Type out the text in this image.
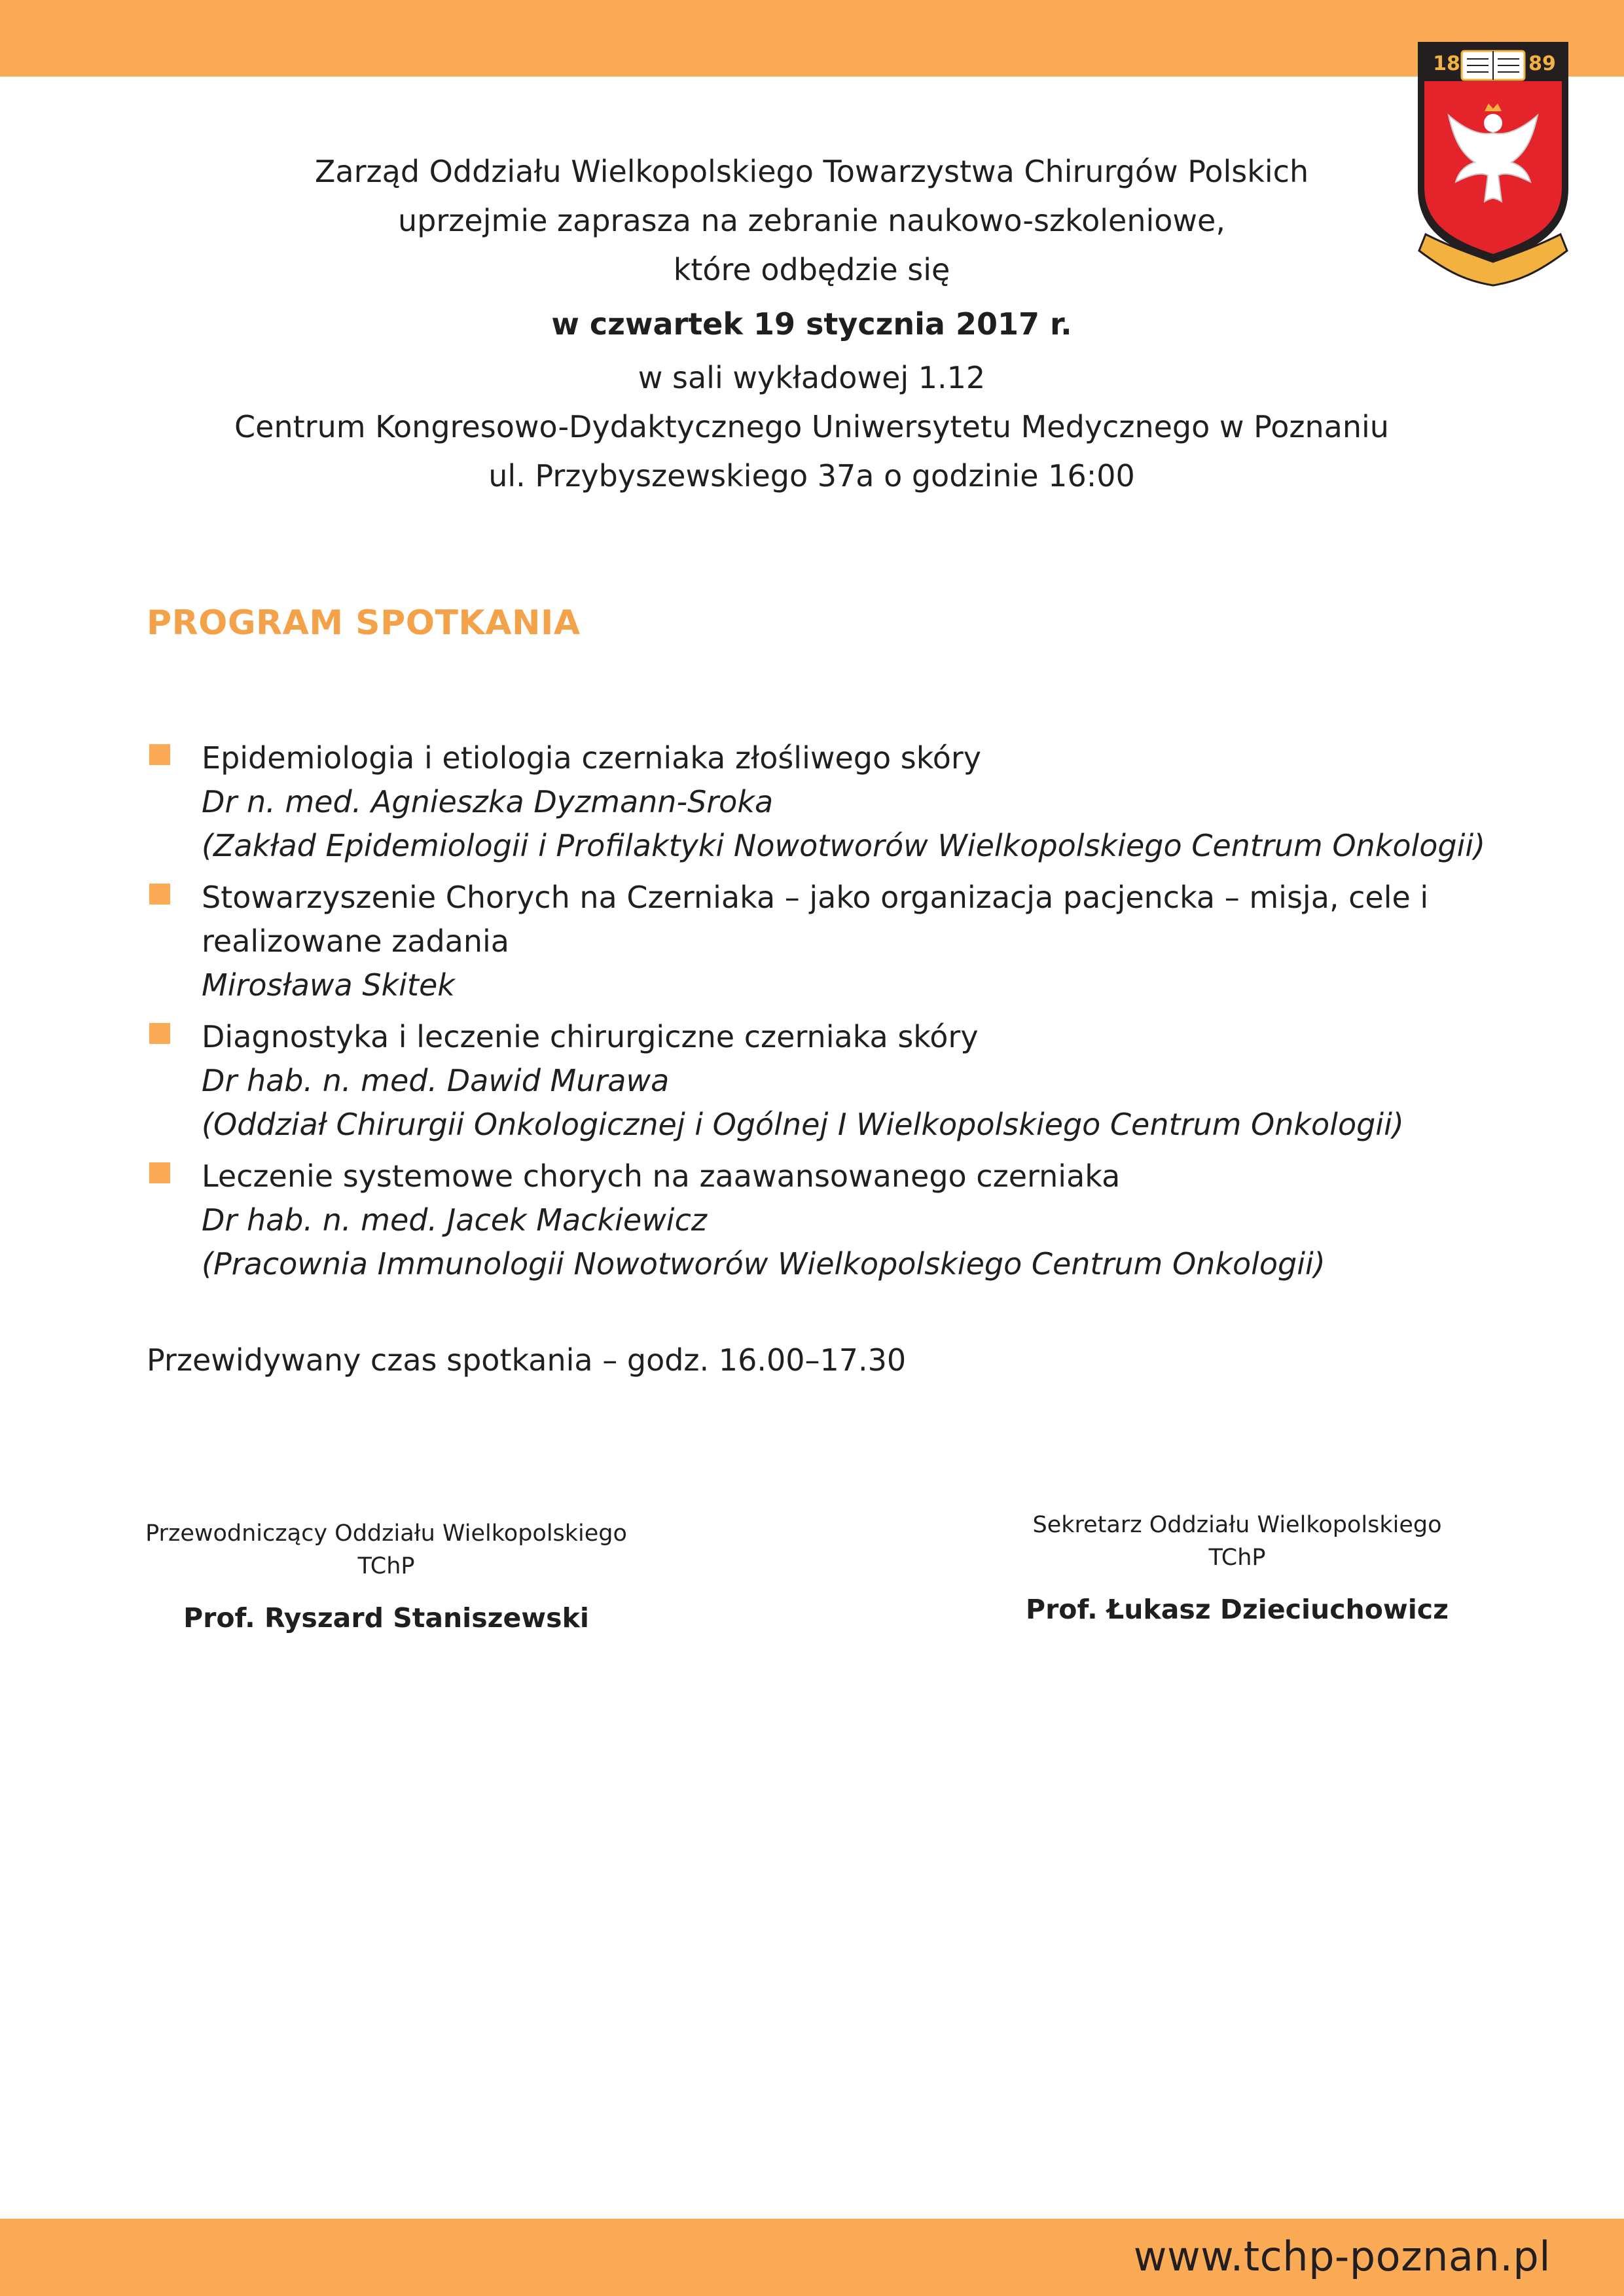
18	89
Zarząd Oddziału Wielkopolskiego Towarzystwa Chirurgów Polskich
uprzejmie zaprasza na zebranie naukowo-szkoleniowe,
które odbędzie się
w czwartek 19 stycznia 2017 r.
w sali wykładowej 1.12
Centrum Kongresowo-Dydaktycznego Uniwersytetu Medycznego w Poznaniu
ul. Przybyszewskiego 37a o godzinie 16:00
PROGRAM SPOTKANIA
Epidemiologia i etiologia czerniaka złośliwego skóry
Dr n. med. Agnieszka Dyzmann-Sroka
(Zakład Epidemiologii i Profilaktyki Nowotworów Wielkopolskiego Centrum Onkologii)
Stowarzyszenie Chorych na Czerniaka – jako organizacja pacjencka – misja, cele i realizowane zadania
Mirosława Skitek
Diagnostyka i leczenie chirurgiczne czerniaka skóry
Dr hab. n. med. Dawid Murawa
(Oddział Chirurgii Onkologicznej i Ogólnej I Wielkopolskiego Centrum Onkologii)
Leczenie systemowe chorych na zaawansowanego czerniaka
Dr hab. n. med. Jacek Mackiewicz
(Pracownia Immunologii Nowotworów Wielkopolskiego Centrum Onkologii)
Przewidywany czas spotkania – godz. 16.00–17.30
Przewodniczący Oddziału Wielkopolskiego TChP
Prof. Ryszard Staniszewski
Sekretarz Oddziału Wielkopolskiego TChP
Prof. Łukasz Dzieciuchowicz
www.tchp-poznan.pl
